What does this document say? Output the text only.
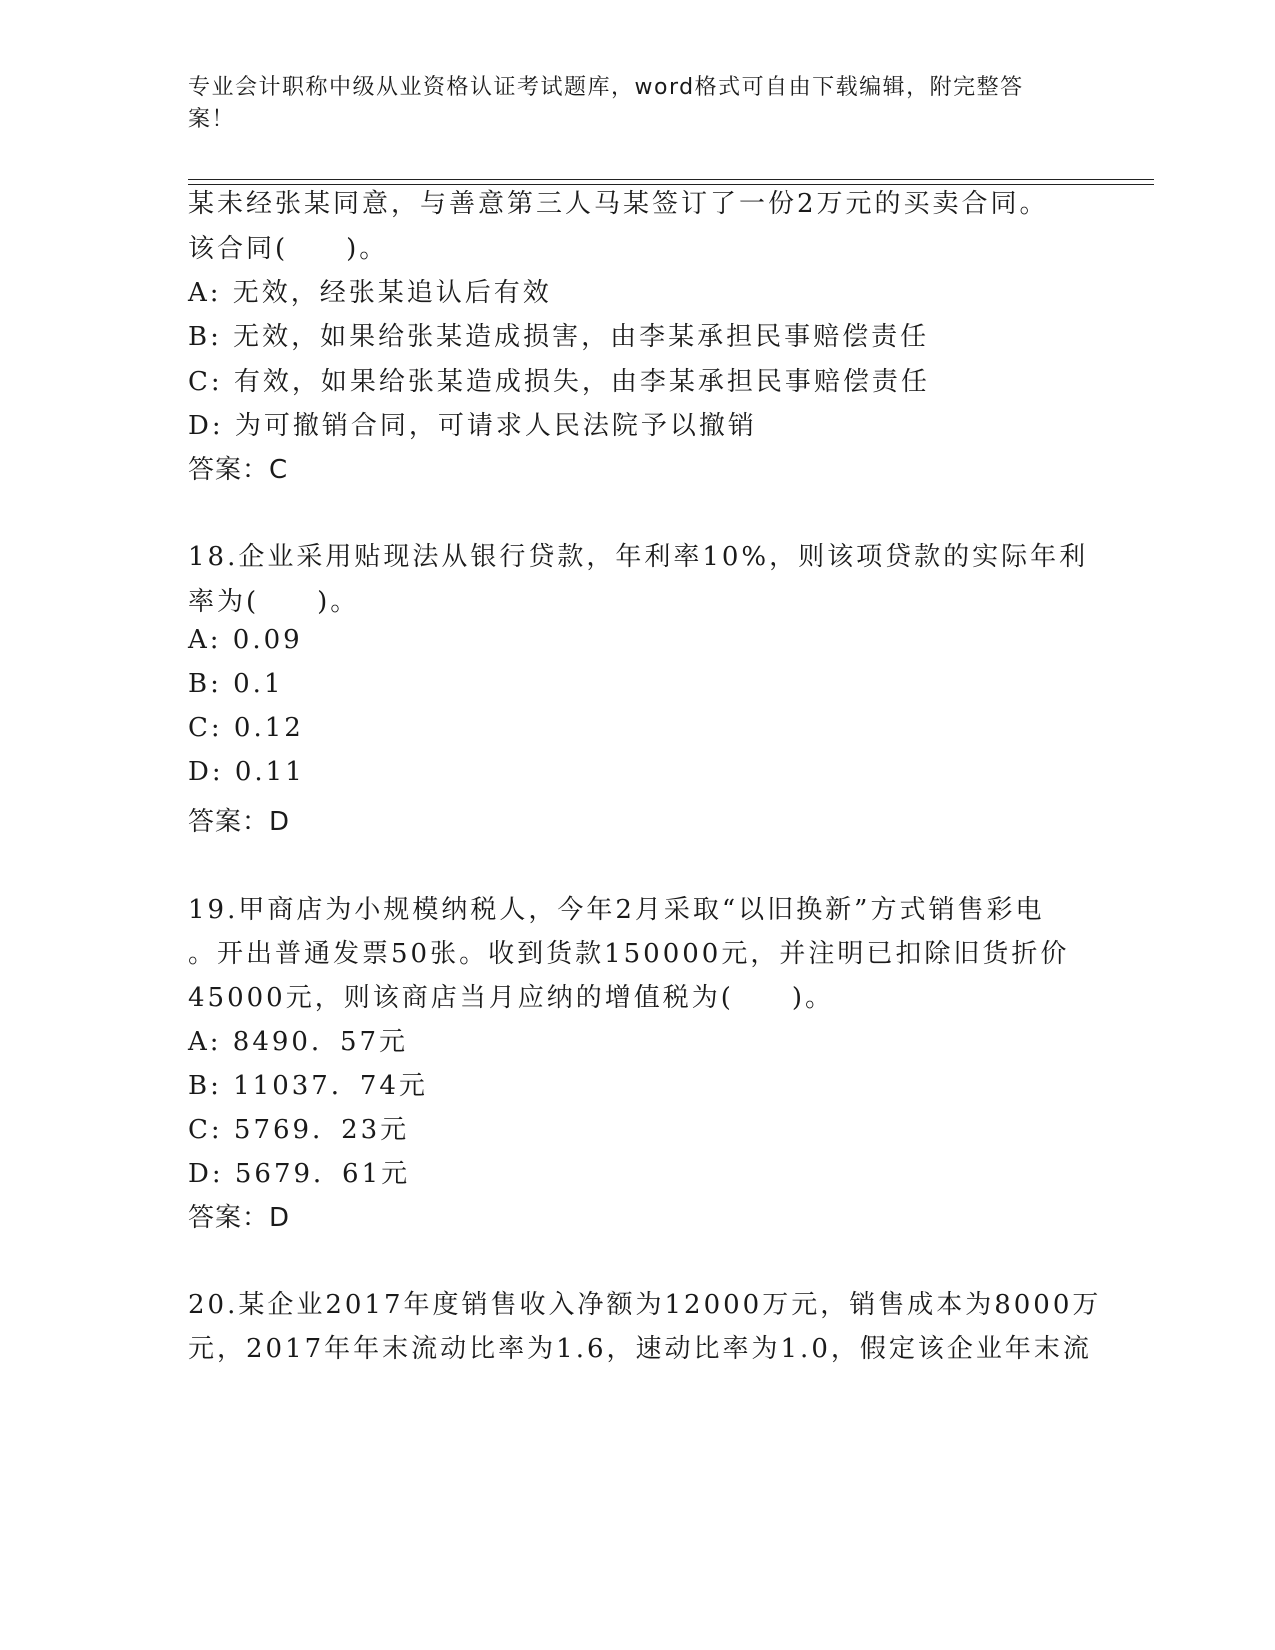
专业会计职称中级从业资格认证考试题库，word格式可自由下载编辑，附完整答案！
某未经张某同意，与善意第三人马某签订了一份2万元的买卖合同。
该合同(　　)。
A: 无效，经张某追认后有效
B: 无效，如果给张某造成损害，由李某承担民事赔偿责任
C: 有效，如果给张某造成损失，由李某承担民事赔偿责任
D: 为可撤销合同，可请求人民法院予以撤销
答案：C
18.企业采用贴现法从银行贷款，年利率10%，则该项贷款的实际年利
率为(　　)。
A: 0.09
B: 0.1
C: 0.12
D: 0.11
答案：D
19.甲商店为小规模纳税人，今年2月采取“以旧换新”方式销售彩电
。开出普通发票50张。收到货款150000元，并注明已扣除旧货折价
45000元，则该商店当月应纳的增值税为(　　)。
A: 8490．57元
B: 11037．74元
C: 5769．23元
D: 5679．61元
答案：D
20.某企业2017年度销售收入净额为12000万元，销售成本为8000万
元，2017年年末流动比率为1.6，速动比率为1.0，假定该企业年末流
